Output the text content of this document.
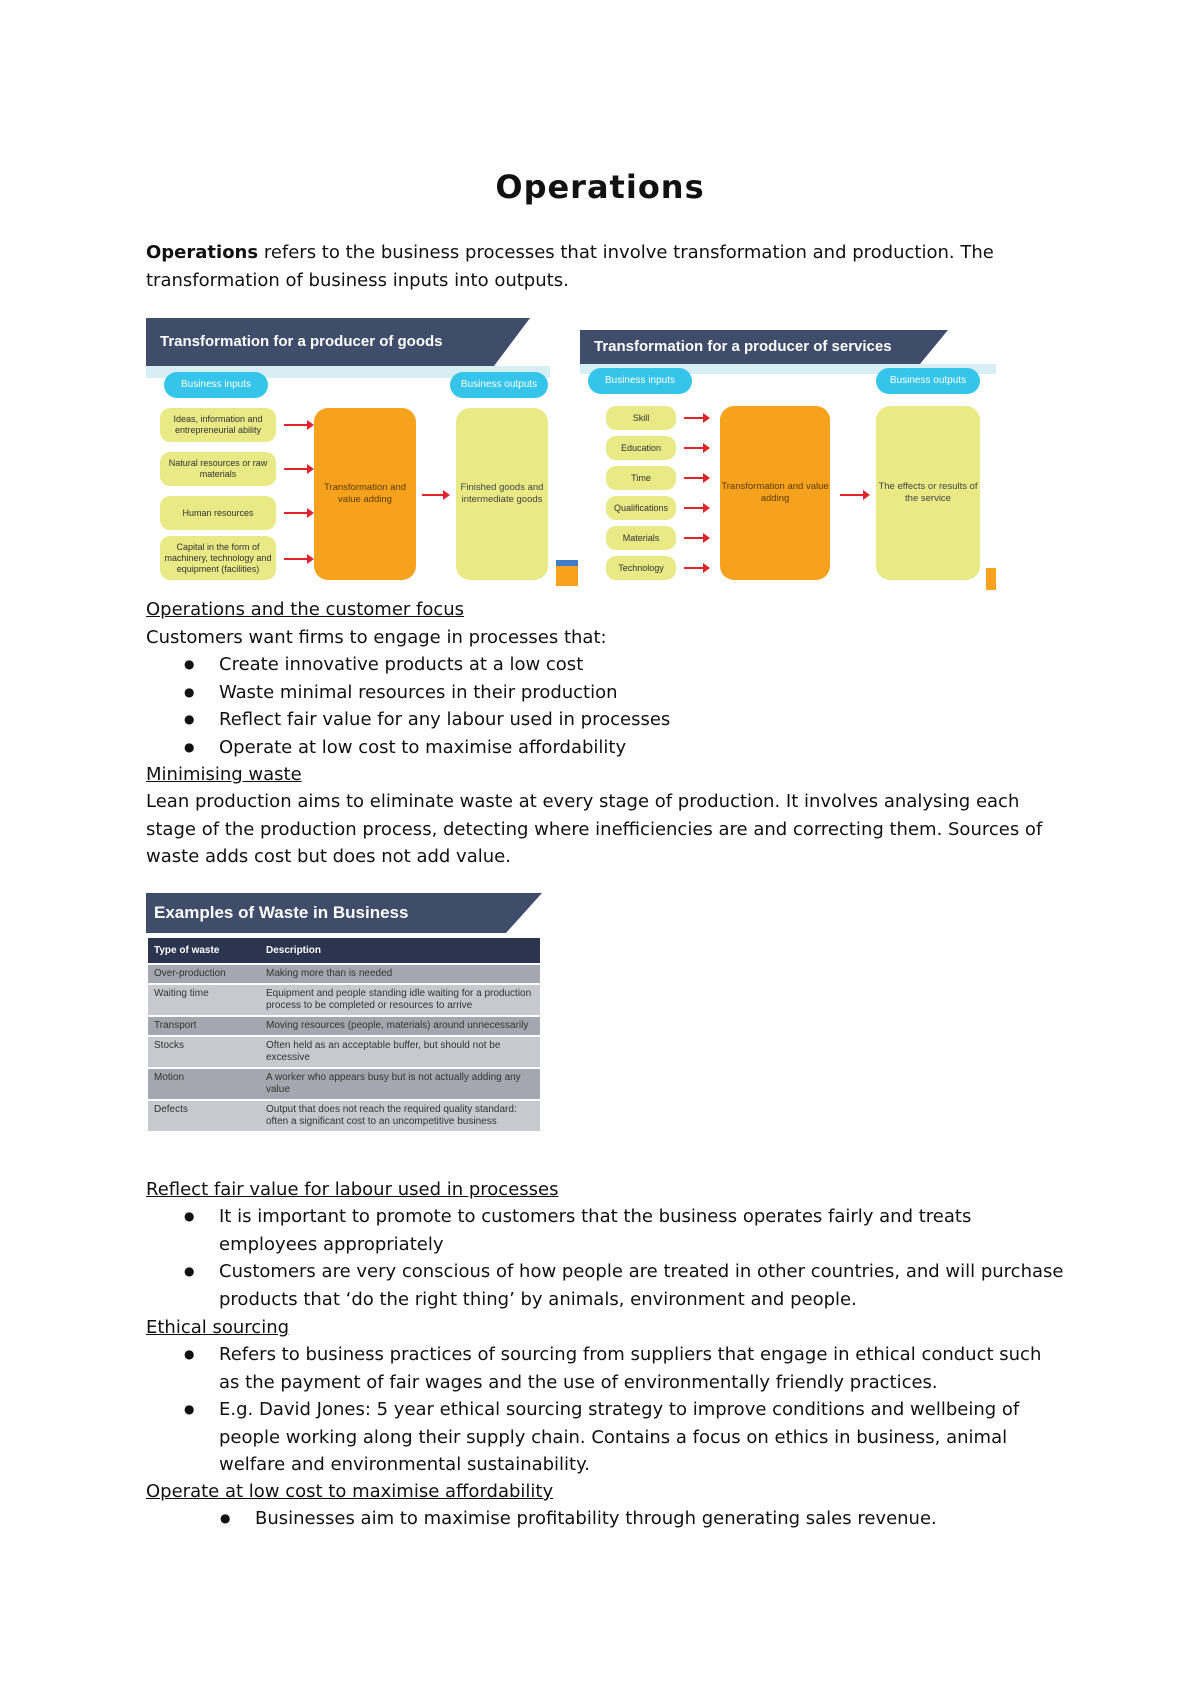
Operations
Operations refers to the business processes that involve transformation and production. The transformation of business inputs into outputs.
Transformation for a producer of goods
Business inputs	Business outputs
Ideas, information and entrepreneurial ability
Natural resources or raw materials
Human resources
Capital in the form of machinery, technology and equipment (facilities)
Transformation and value adding
Finished goods and intermediate goods
Transformation for a producer of services
Business inputs	Business outputs
Skill
Education
Time
Qualifications
Materials
Technology
Transformation and value adding
The effects or results of the service
Operations and the customer focus
Customers want firms to engage in processes that:
● Create innovative products at a low cost
● Waste minimal resources in their production
● Reflect fair value for any labour used in processes
● Operate at low cost to maximise affordability
Minimising waste
Lean production aims to eliminate waste at every stage of production. It involves analysing each stage of the production process, detecting where inefficiencies are and correcting them. Sources of waste adds cost but does not add value.
Examples of Waste in Business
Type of waste	Description
Over-production	Making more than is needed
Waiting time	Equipment and people standing idle waiting for a production process to be completed or resources to arrive
Transport	Moving resources (people, materials) around unnecessarily
Stocks	Often held as an acceptable buffer, but should not be excessive
Motion	A worker who appears busy but is not actually adding any value
Defects	Output that does not reach the required quality standard: often a significant cost to an uncompetitive business
Reflect fair value for labour used in processes
● It is important to promote to customers that the business operates fairly and treats employees appropriately
● Customers are very conscious of how people are treated in other countries, and will purchase products that ‘do the right thing’ by animals, environment and people.
Ethical sourcing
● Refers to business practices of sourcing from suppliers that engage in ethical conduct such as the payment of fair wages and the use of environmentally friendly practices.
● E.g. David Jones: 5 year ethical sourcing strategy to improve conditions and wellbeing of people working along their supply chain. Contains a focus on ethics in business, animal welfare and environmental sustainability.
Operate at low cost to maximise affordability
● Businesses aim to maximise profitability through generating sales revenue.
